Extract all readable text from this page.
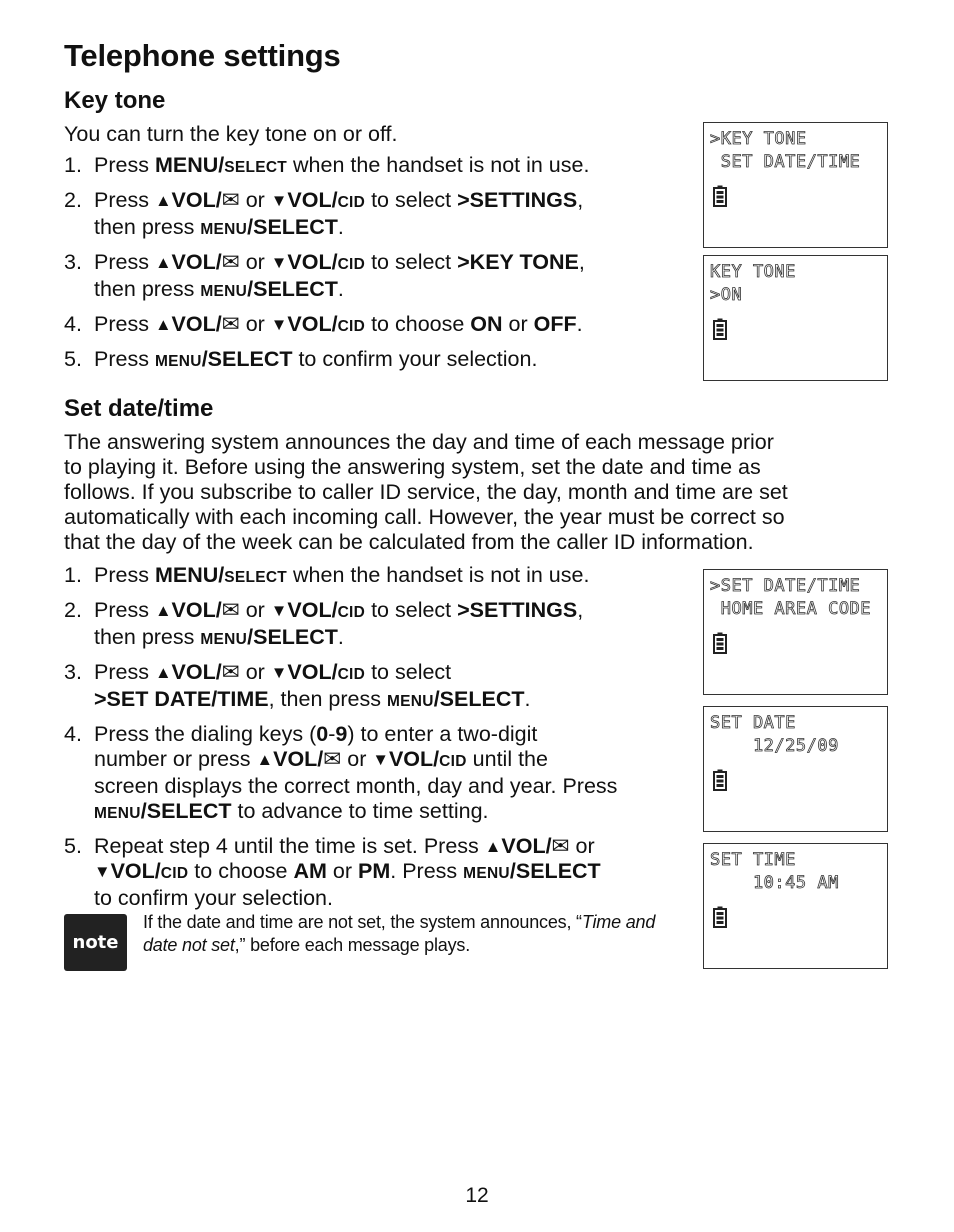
Telephone settings
Key tone

You can turn the key tone on or off.

1. Press MENU/SELECT when the handset is not in use.
2. Press ▲VOL/✉ or ▼VOL/CID to select >SETTINGS,
then press MENU/SELECT.
3. Press ▲VOL/✉ or ▼VOL/CID to select >KEY TONE,
then press MENU/SELECT.
4. Press ▲VOL/✉ or ▼VOL/CID to choose ON or OFF.
5. Press MENU/SELECT to confirm your selection.
Set date/time

The answering system announces the day and time of each message prior
to playing it. Before using the answering system, set the date and time as
follows. If you subscribe to caller ID service, the day, month and time are set
automatically with each incoming call. However, the year must be correct so
that the day of the week can be calculated from the caller ID information.

1. Press MENU/SELECT when the handset is not in use.
2. Press ▲VOL/✉ or ▼VOL/CID to select >SETTINGS,
then press MENU/SELECT.
3. Press ▲VOL/✉ or ▼VOL/CID to select
>SET DATE/TIME, then press MENU/SELECT.
4. Press the dialing keys (0-9) to enter a two-digit
number or press ▲VOL/✉ or ▼VOL/CID until the
screen displays the correct month, day and year. Press
MENU/SELECT to advance to time setting.
5. Repeat step 4 until the time is set. Press ▲VOL/✉ or
▼VOL/CID to choose AM or PM. Press MENU/SELECT
to confirm your selection.
>KEY TONE
SET DATE/TIME
KEY TONE
>ON
>SET DATE/TIME
HOME AREA CODE
SET DATE
12/25/09
SET TIME
10:45 AM
note

If the date and time are not set, the system announces, “Time and date not set,” before each message plays.

12
